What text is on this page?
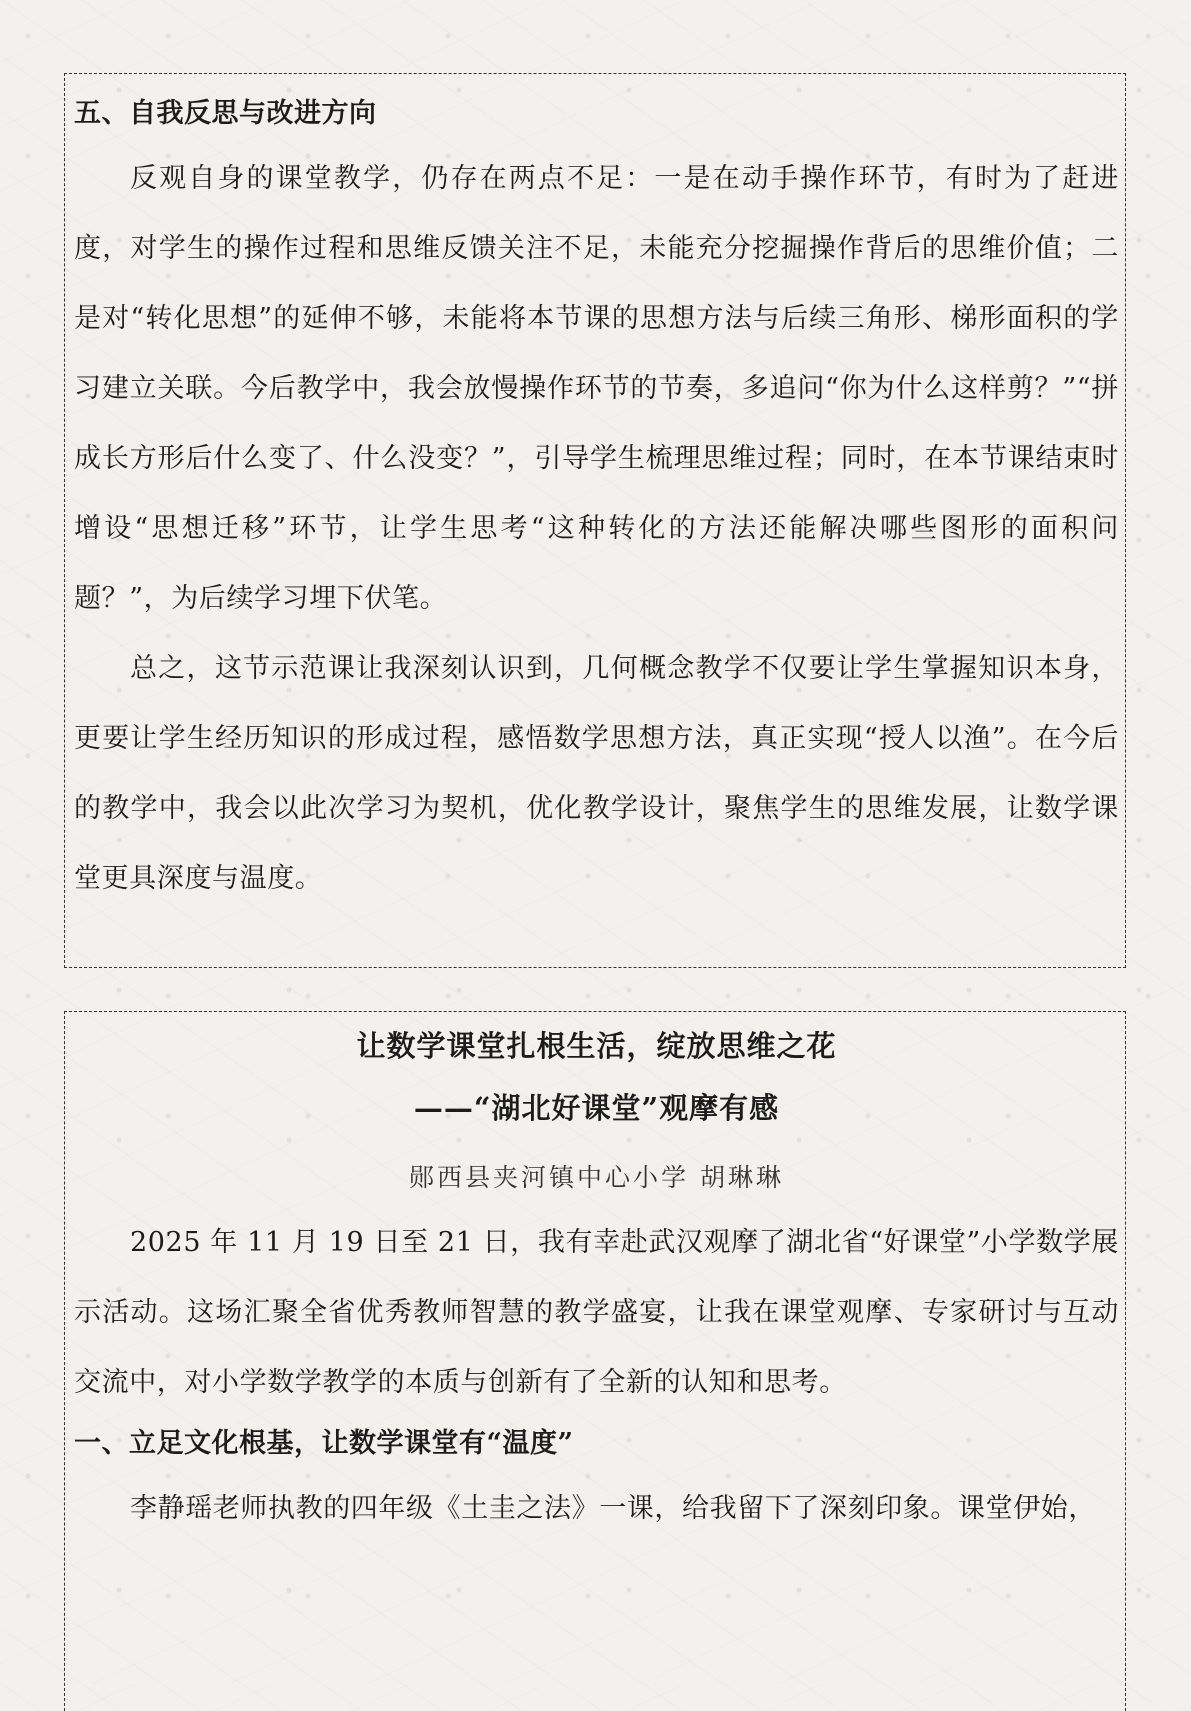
五、自我反思与改进方向

反观自身的课堂教学，仍存在两点不足：一是在动手操作环节，有时为了赶进度，对学生的操作过程和思维反馈关注不足，未能充分挖掘操作背后的思维价值；二是对“转化思想”的延伸不够，未能将本节课的思想方法与后续三角形、梯形面积的学习建立关联。今后教学中，我会放慢操作环节的节奏，多追问“你为什么这样剪？”“拼成长方形后什么变了、什么没变？”，引导学生梳理思维过程；同时，在本节课结束时增设“思想迁移”环节，让学生思考“这种转化的方法还能解决哪些图形的面积问题？”，为后续学习埋下伏笔。

总之，这节示范课让我深刻认识到，几何概念教学不仅要让学生掌握知识本身，更要让学生经历知识的形成过程，感悟数学思想方法，真正实现“授人以渔”。在今后的教学中，我会以此次学习为契机，优化教学设计，聚焦学生的思维发展，让数学课堂更具深度与温度。

让数学课堂扎根生活，绽放思维之花

——“湖北好课堂”观摩有感

郧西县夹河镇中心小学 胡琳琳

2025 年 11 月 19 日至 21 日，我有幸赴武汉观摩了湖北省“好课堂”小学数学展示活动。这场汇聚全省优秀教师智慧的教学盛宴，让我在课堂观摩、专家研讨与互动交流中，对小学数学教学的本质与创新有了全新的认知和思考。

一、立足文化根基，让数学课堂有“温度”

李静瑶老师执教的四年级《土圭之法》一课，给我留下了深刻印象。课堂伊始，
